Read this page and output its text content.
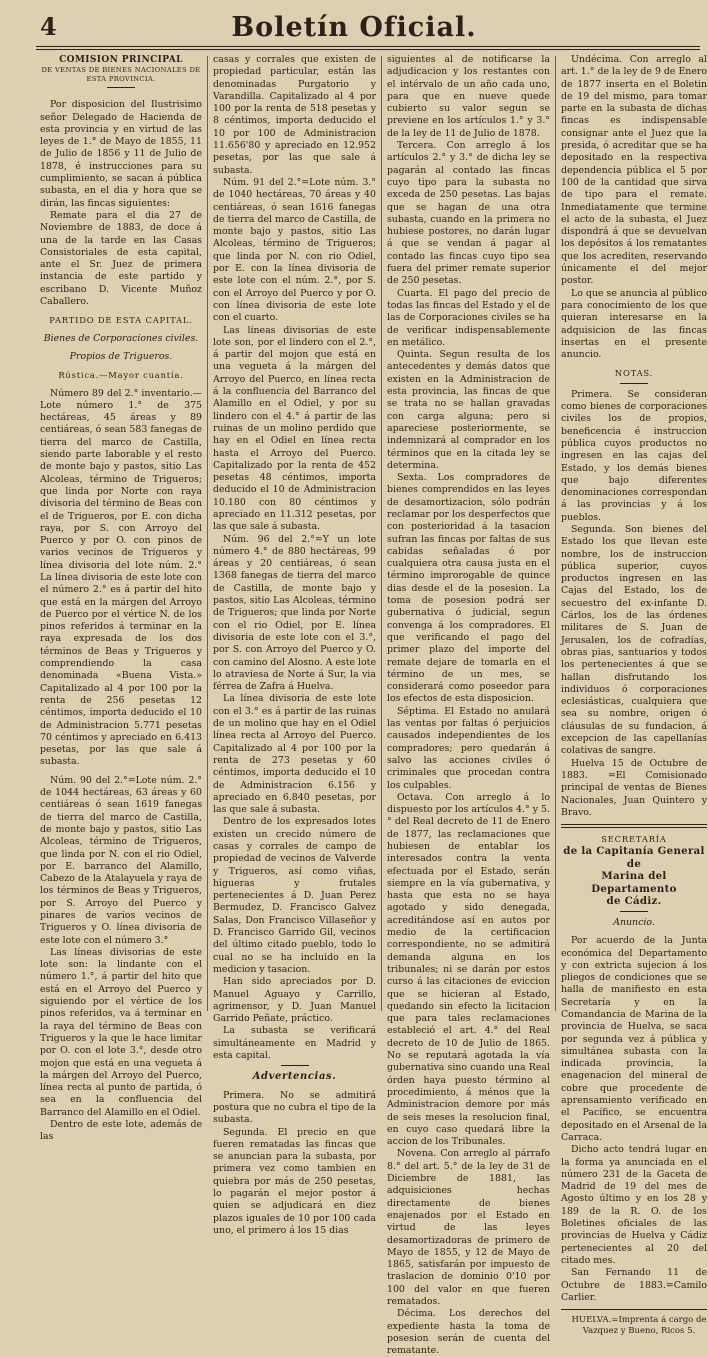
4	Boletín Oficial.

COMISION PRINCIPAL

DE VENTAS DE BIENES NACIONALES DE

ESTA PROVINCIA.

Por disposicion del Ilustrisimo señor Delegado de Hacienda de esta provincia y en virtud de las leyes de 1.° de Mayo de 1855, 11 de Julio de 1856 y 11 de Julio de 1878, é instrucciones para su cumplimiento, se sacan á pública subasta, en el dia y hora que se dirán, las fincas siguientes:

Remate para el dia 27 de Noviembre de 1883, de doce á una de la tarde en las Casas Consistoriales de esta capital, ante el Sr. Juez de primera instancia de este partido y escribano D. Vicente Muñoz Caballero.

PARTIDO DE ESTA CAPITAL.

Bienes de Corporaciones civiles.

Propios de Trigueros.

Rústica.—Mayor cuantía.

Número 89 del 2.° inventario.—Lote número 1.° de 375 hectáreas, 45 áreas y 89 centiáreas, ó sean 583 fanegas de tierra del marco de Castilla, siendo parte laborable y el resto de monte bajo y pastos, sitio Las Alcoleas, término de Trigueros; que linda por Norte con raya divisoria del término de Beas con el de Trigueros, por E. con dicha raya, por S. con Arroyo del Puerco y por O. con pinos de varios vecinos de Trigueros y línea divisoria del lote núm. 2.° La línea divisoria de este lote con el número 2.° es á partir del hito que está en la márgen del Arroyo de Puerco por el vértice N. de los pinos referidos á terminar en la raya expresada de los dos términos de Beas y Trigueros y comprendiendo la casa denominada «Buena Vista.» Capitalizado al 4 por 100 por la renta de 256 pesetas 12 céntimos, importa deducido el 10 de Administracion 5.771 pesetas 70 céntimos y apreciado en 6.413 pesetas, por las que sale á subasta.

Núm. 90 del 2.°=Lote núm. 2.° de 1044 hectáreas, 63 áreas y 60 centiáreas ó sean 1619 fanegas de tierra del marco de Castilla, de monte bajo y pastos, sitio Las Alcoleas, término de Trigueros, que linda por N. con el rio Odiel, por E. barranco del Alamillo, Cabezo de la Atalayuela y raya de los términos de Beas y Trigueros, por S. Arroyo del Puerco y pinares de varios vecinos de Trigueros y O. línea divisoria de este lote con el número 3.°

Las líneas divisorias de este lote son: la lindante con el número 1.°, á partir del hito que está en el Arroyo del Puerco y siguiendo por el vértice de los pinos referidos, va á terminar en la raya del término de Beas con Trigueros y la que le hace limitar por O. con el lote 3.°, desde otro mojon que está en una vegueta á la márgen del Arroyo del Puerco, línea recta al punto de partida, ó sea en la confluencia del Barranco del Alamillo en el Odiel.

Dentro de este lote, además de las

casas y corrales que existen de propiedad particular, están las denominadas Purgatorio y Varandilla. Capitalizado al 4 por 100 por la renta de 518 pesetas y 8 céntimos, importa deducido el 10 por 100 de Administracion 11.656'80 y apreciado en 12.952 pesetas, por las que sale á subasta.

Núm. 91 del 2.°=Lote núm. 3.° de 1040 hectáreas, 70 áreas y 40 centiáreas, ó sean 1616 fanegas de tierra del marco de Castilla, de monte bajo y pastos, sitio Las Alcoleas, término de Trigueros; que linda por N. con rio Odiel, por E. con la línea divisoria de este lote con el núm. 2.°, por S. con el Arroyo del Puerco y por O. con línea divisoria de este lote con el cuarto.

Las líneas divisorias de este lote son, por el lindero con el 2.°, á partir del mojon que está en una vegueta á la márgen del Arroyo del Puerco, en línea recta á la confluencia del Barranco del Alamillo en el Odiel, y por su lindero con el 4.° á partir de las ruinas de un molino perdido que hay en el Odiel en línea recta hasta el Arroyo del Puerco. Capitalizado por la renta de 452 pesetas 48 céntimos, importa deducido el 10 de Administracion 10.180 con 80 céntimos y apreciado en 11.312 pesetas, por las que sale á subasta.

Núm. 96 del 2.°=Y un lote número 4.° de 880 hectáreas, 99 áreas y 20 centiáreas, ó sean 1368 fanegas de tierra del marco de Castilla, de monte bajo y pastos, sitio Las Alcoleas, término de Trigueros; que linda por Norte con el rio Odiel, por E. línea divisoria de este lote con el 3.°, por S. con Arroyo del Puerco y O. con camino del Alosno. A este lote lo atraviesa de Norte á Sur, la via férrea de Zafra á Huelva.

La línea divisoria de este lote con el 3.° es á partir de las ruinas de un molino que hay en el Odiel línea recta al Arroyo del Puerco. Capitalizado al 4 por 100 por la renta de 273 pesetas y 60 céntimos, importa deducido el 10 de Administracion 6.156 y apreciado en 6.840 pesetas, por las que sale á subasta.

Dentro de los expresados lotes existen un crecido número de casas y corrales de campo de propiedad de vecinos de Valverde y Trigueros, así como viñas, higueras y frutales pertenecientes á D. Juan Perez Bermudez, D. Francisco Galvez Salas, Don Francisco Villaseñor y D. Francisco Garrido Gil, vecinos del último citado pueblo, todo lo cual no se ha incluido en la medicion y tasacion.

Han sido apreciados por D. Manuel Aguayo y Carrillo, agrimensor, y D. Juan Manuel Garrido Peñate, práctico.

La subasta se verificará simultáneamente en Madrid y esta capital.

Advertencias.

Primera. No se admitirá postura que no cubra el tipo de la subasta.

Segunda. El precio en que fueren rematadas las fincas que se anuncian para la subasta, por primera vez como tambien en quiebra por más de 250 pesetas, lo pagarán el mejor postor á quien se adjudicará en diez plazos iguales de 10 por 100 cada uno, el primero á los 15 dias

siguientes al de notificarse la adjudicacion y los restantes con el intérvalo de un año cada uno, para que en nueve quede cubierto su valor segun se previene en los artículos 1.° y 3.° de la ley de 11 de Julio de 1878.

Tercera. Con arreglo á los artículos 2.° y 3.° de dicha ley se pagarán al contado las fincas cuyo tipo para la subasta no exceda de 250 pesetas. Las bajas que se hagan de una otra subasta, cuando en la primera no hubiese postores, no darán lugar á que se vendan á pagar al contado las fincas cuyo tipo sea fuera del primer remate superior de 250 pesetas.

Cuarta. El pago del precio de todas las fincas del Estado y el de las de Corporaciones civiles se ha de verificar indispensablemente en metálico.

Quinta. Segun resulta de los antecedentes y demás datos que existen en la Administracion de esta provincia, las fincas de que se trata no se hallan gravadas con carga alguna; pero si apareciese posteriormente, se indemnizará al comprador en los términos que en la citada ley se determina.

Sexta. Los compradores de bienes comprendidos en las leyes de desamortizacion, sólo podrán reclamar por los desperfectos que con posterioridad á la tasacion sufran las fincas por faltas de sus cabidas señaladas ó por cualquiera otra causa justa en el término improrogable de quince dias desde el de la posesion. La toma de posesion podrá ser gubernativa ó judicial, segun convenga á los compradores. El que verificando el pago del primer plazo del importe del remate dejare de tomarla en el término de un mes, se considerará como poseedor para los efectos de esta disposicion.

Séptima. El Estado no anulará las ventas por faltas ó perjuicios causados independientes de los compradores; pero quedarán á salvo las acciones civiles ó criminales que procedan contra los culpables.

Octava. Con arreglo á lo dispuesto por los artículos 4.° y 5.° del Real decreto de 11 de Enero de 1877, las reclamaciones que hubiesen de entablar los interesados contra la venta efectuada por el Estado, serán siempre en la vía gubernativa, y hasta que esta no se haya agotado y sido denegada, acreditándose así en autos por medio de la certificacion correspondiente, no se admitirá demanda alguna en los tribunales; ni se darán por estos curso á las citaciones de eviccion que se hicieran al Estado, quedando sin efecto la licitacion que para tales reclamaciones estableció el art. 4.° del Real decreto de 10 de Julio de 1865. No se reputará agotada la vía gubernativa sino cuando una Real órden haya puesto término al procedimiento, á ménos que la Administracion demore por más de seis meses la resolucion final, en cuyo caso quedará libre la accion de los Tribunales.

Novena. Con arreglo al párrafo 8.° del art. 5.° de la ley de 31 de Diciembre de 1881, las adquisiciones hechas directamente de bienes enajenados por el Estado en virtud de las leyes desamortizadoras de primero de Mayo de 1855, y 12 de Mayo de 1865, satisfarán por impuesto de traslacion de dominio 0'10 por 100 del valor en que fueren rematados.

Décima. Los derechos del expediente hasta la toma de posesion serán de cuenta del rematante.

Undécima. Con arreglo al art. 1.° de la ley de 9 de Enero de 1877 inserta en el Boletin de 19 del mismo, para tomar parte en la subasta de dichas fincas es indispensable consignar ante el Juez que la presida, ó acreditar que se ha depositado en la respectiva dependencia pública el 5 por 100 de la cantidad que sirva de tipo para el remate. Inmediatamente que termine el acto de la subasta, el Juez dispondrá á que se devuelvan los depósitos á los rematantes que los acrediten, reservando únicamente el del mejor postor.

Lo que se anuncia al público para conocimiento de los que quieran interesarse en la adquisicion de las fincas insertas en el presente anuncio.

NOTAS.

Primera. Se consideran como bienes de corporaciones civiles los de propios, beneficencia é instruccion pública cuyos productos no ingresen en las cajas del Estado, y los demás bienes que bajo diferentes denominaciones correspondan á las provincias y á los pueblos.

Segunda. Son bienes del Estado los que llevan este nombre, los de instruccion pública superior, cuyos productos ingresen en las Cajas del Estado, los de secuestro del ex-infante D. Cárlos, los de las órdenes militares de S. Juan de Jerusalen, los de cofradías, obras pias, santuarios y todos los pertenecientes á que se hallan disfrutando los individuos ó corporaciones eclesiásticas, cualquiera que sea su nombre, origen ó cláusulas de su fundacion, á excepcion de las capellanías colativas de sangre.

Huelva 15 de Octubre de 1883. =El Comisionado principal de ventas de Bienes Nacionales, Juan Quintero y Bravo.

SECRETARÍA

de la Capitanía General de

Marina del Departamento

de Cádiz.

Anuncio.

Por acuerdo de la Junta económica del Departamento y con extricta sujecion á los pliegos de condiciones que se halla de manifiesto en esta Secretaría y en la Comandancia de Marina de la provincia de Huelva, se saca por segunda vez á pública y simultánea subasta con la indicada provincia, la enagenacion del mineral de cobre que procedente de aprensamiento verificado en el Pacífico, se encuentra depositado en el Arsenal de la Carraca.

Dicho acto tendrá lugar en la forma ya anunciada en el número 231 de la Gaceta de Madrid de 19 del mes de Agosto último y en los 28 y 189 de la R. O. de los Boletines oficiales de las provincias de Huelva y Cádiz pertenecientes al 20 del citado mes.

San Fernando 11 de Octubre de 1883.=Camilo Carlier.

HUELVA.=Imprenta á cargo de

Vazquez y Bueno, Ricos 5.
